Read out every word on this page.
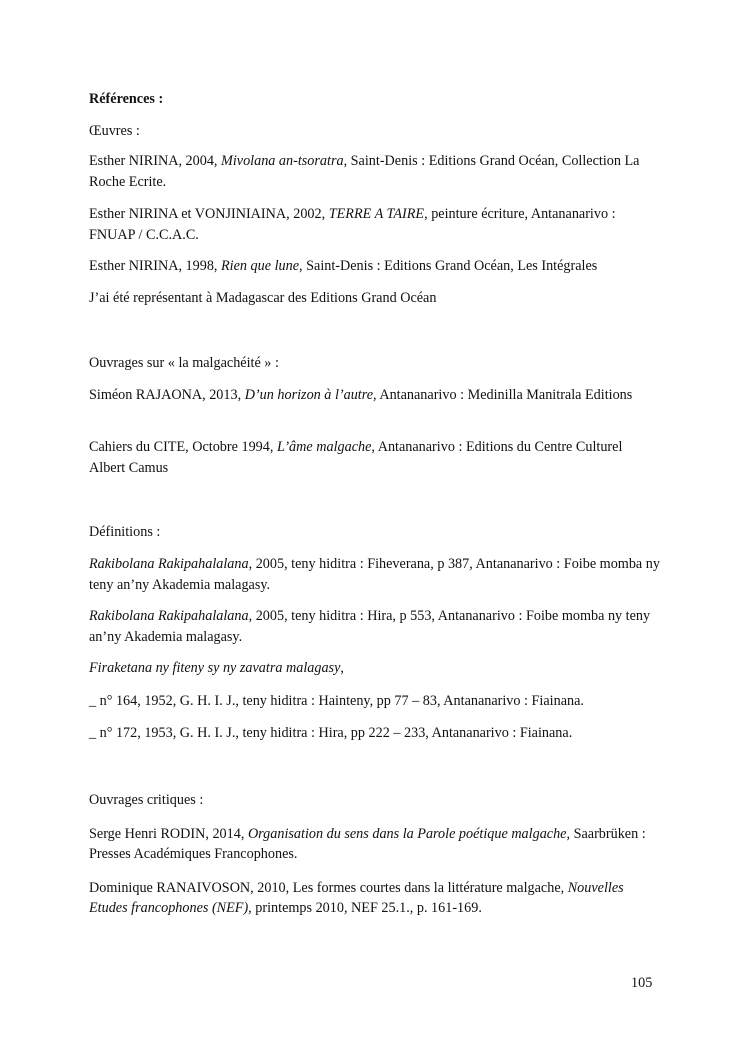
Références :

Œuvres :

Esther NIRINA, 2004, Mivolana an-tsoratra, Saint-Denis : Editions Grand Océan, Collection La Roche Ecrite.

Esther NIRINA et VONJINIAINA, 2002, TERRE A TAIRE, peinture écriture, Antananarivo : FNUAP / C.C.A.C.

Esther NIRINA, 1998, Rien que lune, Saint-Denis : Editions Grand Océan, Les Intégrales

J’ai été représentant à Madagascar des Editions Grand Océan

Ouvrages sur « la malgachéité » :

Siméon RAJAONA, 2013, D’un horizon à l’autre, Antananarivo : Medinilla Manitrala Editions

Cahiers du CITE, Octobre 1994, L’âme malgache, Antananarivo : Editions du Centre Culturel Albert Camus

Définitions :

Rakibolana Rakipahalalana, 2005, teny hiditra : Fiheverana, p 387, Antananarivo : Foibe momba ny teny an’ny Akademia malagasy.

Rakibolana Rakipahalalana, 2005, teny hiditra : Hira, p 553, Antananarivo : Foibe momba ny teny an’ny Akademia malagasy.

Firaketana ny fiteny sy ny zavatra malagasy,

_ n° 164, 1952, G. H. I. J., teny hiditra : Hainteny, pp 77 – 83, Antananarivo : Fiainana.

_ n° 172, 1953, G. H. I. J., teny hiditra : Hira, pp 222 – 233, Antananarivo : Fiainana.

Ouvrages critiques :

Serge Henri RODIN, 2014, Organisation du sens dans la Parole poétique malgache, Saarbrüken : Presses Académiques Francophones.

Dominique RANAIVOSON, 2010, Les formes courtes dans la littérature malgache, Nouvelles Etudes francophones (NEF), printemps 2010, NEF 25.1., p. 161-169.

105
